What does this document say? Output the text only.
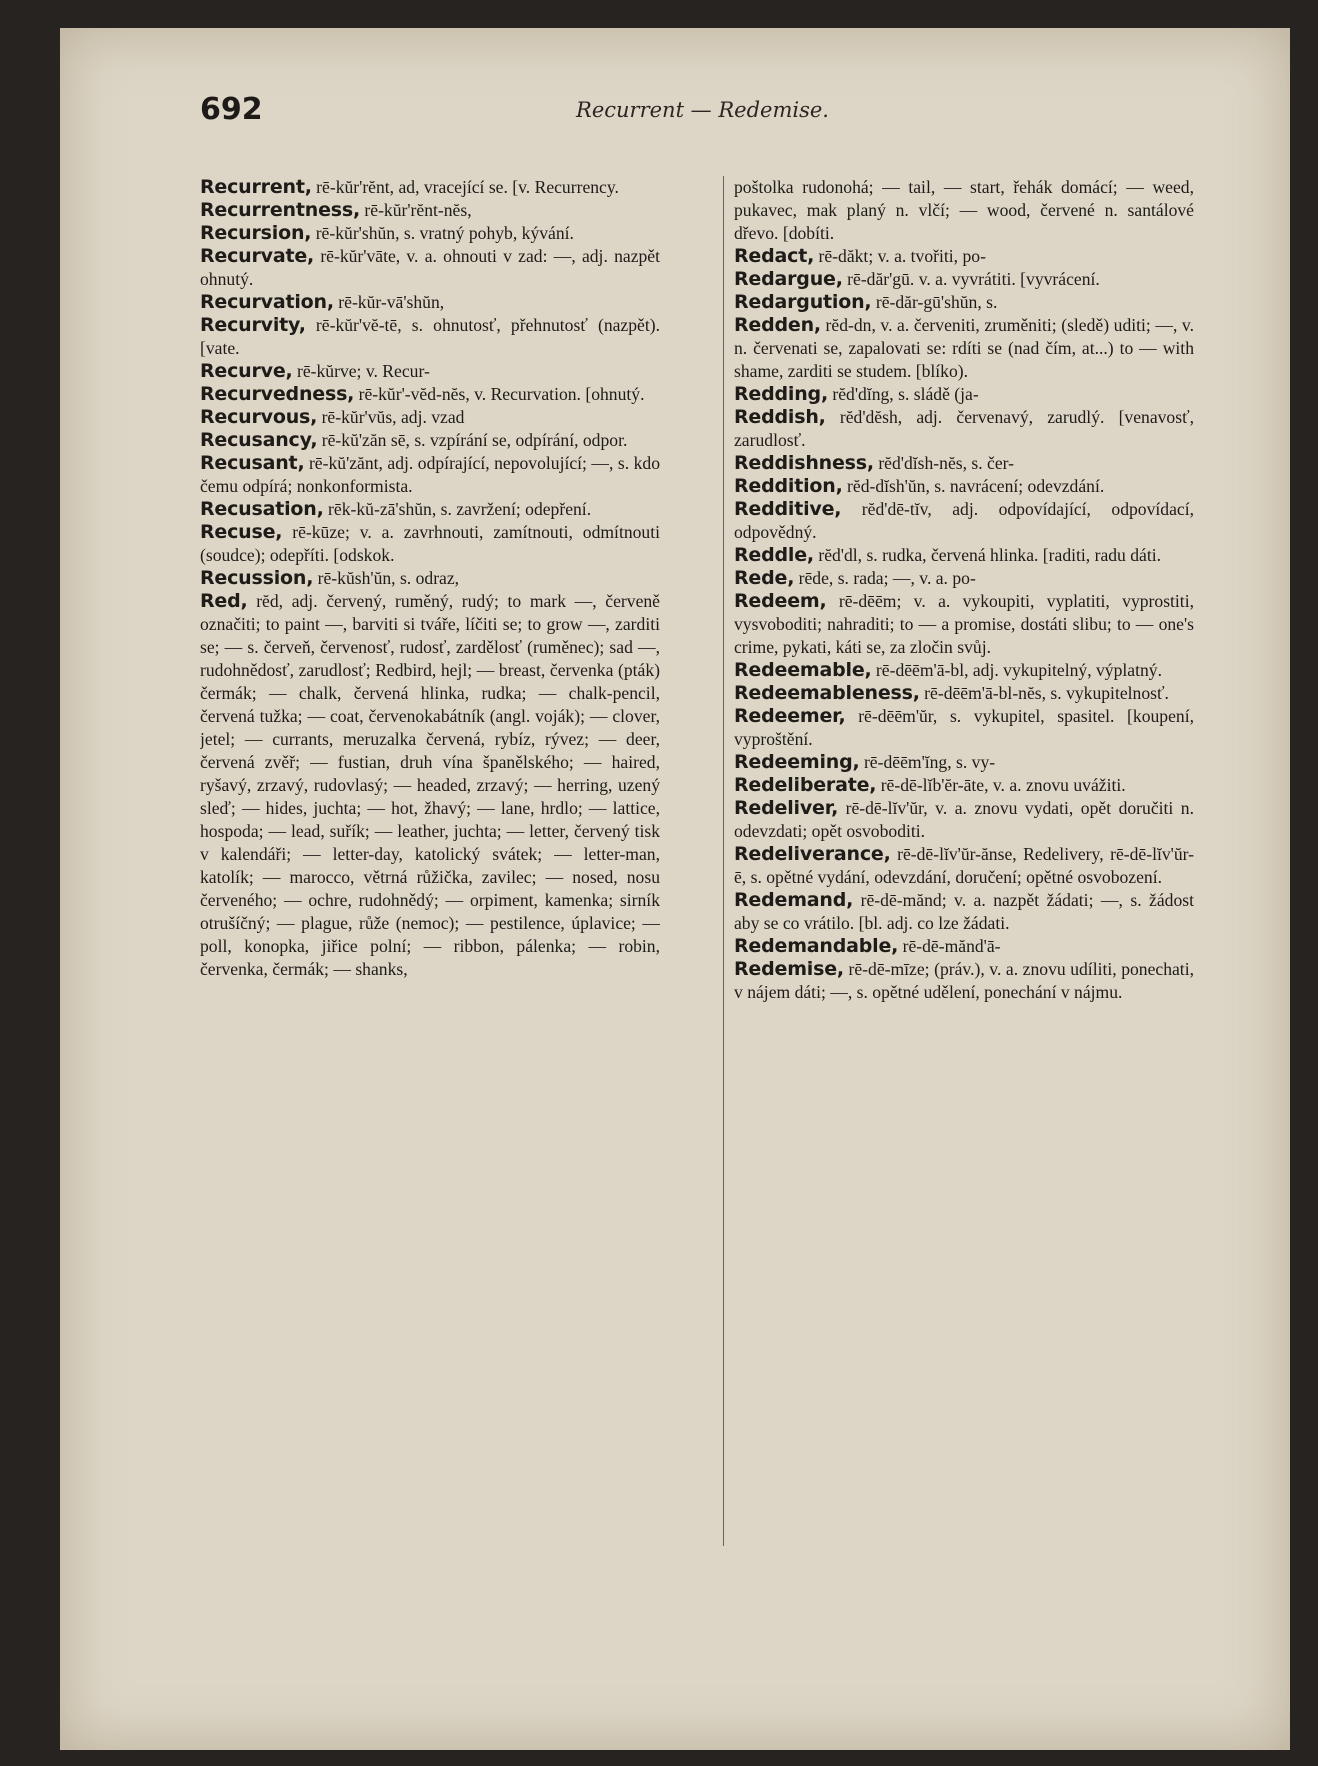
692	Recurrent — Redemise.

Recurrent, rē-kŭr'rĕnt, ad, vracející se. [v. Recurrency.

Recurrentness, rē-kŭr'rĕnt-nĕs,

Recursion, rē-kŭr'shŭn, s. vratný pohyb, kývání.

Recurvate, rē-kŭr'vāte, v. a. ohnouti v zad: —, adj. nazpět ohnutý.

Recurvation, rē-kŭr-vā'shŭn,

Recurvity, rē-kŭr'vĕ-tē, s. ohnutosť, přehnutosť (nazpět). [vate.

Recurve, rē-kŭrve; v. Recur-

Recurvedness, rē-kŭr'-vĕd-nĕs, v. Recurvation. [ohnutý.

Recurvous, rē-kŭr'vŭs, adj. vzad

Recusancy, rē-kŭ'zăn sē, s. vzpírání se, odpírání, odpor.

Recusant, rē-kŭ'zănt, adj. odpírající, nepovolující; —, s. kdo čemu odpírá; nonkonformista.

Recusation, rēk-kŭ-zā'shŭn, s. zavržení; odepření.

Recuse, rē-kūze; v. a. zavrhnouti, zamítnouti, odmítnouti (soudce); odepříti. [odskok.

Recussion, rē-kŭsh'ŭn, s. odraz,

Red, rĕd, adj. červený, ruměný, rudý; to mark —, červeně označiti; to paint —, barviti si tváře, líčiti se; to grow —, zarditi se; — s. červeň, červenosť, rudosť, zardělosť (ruměnec); sad —, rudohnědosť, zarudlosť; Redbird, hejl; — breast, červenka (pták) čermák; — chalk, červená hlinka, rudka; — chalk-pencil, červená tužka; — coat, červenokabátník (angl. voják); — clover, jetel; — currants, meruzalka červená, rybíz, rývez; — deer, červená zvěř; — fustian, druh vína španělského; — haired, ryšavý, zrzavý, rudovlasý; — headed, zrzavý; — herring, uzený sleď; — hides, juchta; — hot, žhavý; — lane, hrdlo; — lattice, hospoda; — lead, suřík; — leather, juchta; — letter, červený tisk v kalendáři; — letter-day, katolický svátek; — letter-man, katolík; — marocco, větrná růžička, zavilec; — nosed, nosu červeného; — ochre, rudohnědý; — orpiment, kamenka; sirník otrušíčný; — plague, růže (nemoc); — pestilence, úplavice; — poll, konopka, jiřice polní; — ribbon, pálenka; — robin, červenka, čermák; — shanks,

poštolka rudonohá; — tail, — start, řehák domácí; — weed, pukavec, mak planý n. vlčí; — wood, červené n. santálové dřevo. [dobíti.

Redact, rē-dăkt; v. a. tvořiti, po-

Redargue, rē-dăr'gū. v. a. vyvrátiti. [vyvrácení.

Redargution, rē-dăr-gū'shŭn, s.

Redden, rĕd-dn, v. a. červeniti, zruměniti; (sledě) uditi; —, v. n. červenati se, zapalovati se: rdíti se (nad čím, at...) to — with shame, zarditi se studem. [blíko).

Redding, rĕd'dĭng, s. sládě (ja-

Reddish, rĕd'dĕsh, adj. červenavý, zarudlý. [venavosť, zarudlosť.

Reddishness, rĕd'dĭsh-nĕs, s. čer-

Reddition, rĕd-dĭsh'ŭn, s. navrácení; odevzdání.

Redditive, rĕd'dē-tĭv, adj. odpovídající, odpovídací, odpovědný.

Reddle, rĕd'dl, s. rudka, červená hlinka. [raditi, radu dáti.

Rede, rēde, s. rada; —, v. a. po-

Redeem, rē-dēēm; v. a. vykoupiti, vyplatiti, vyprostiti, vysvoboditi; nahraditi; to — a promise, dostáti slibu; to — one's crime, pykati, káti se, za zločin svůj.

Redeemable, rē-dēēm'ā-bl, adj. vykupitelný, výplatný.

Redeemableness, rē-dēēm'ā-bl-nĕs, s. vykupitelnosť.

Redeemer, rē-dēēm'ŭr, s. vykupitel, spasitel. [koupení, vyproštění.

Redeeming, rē-dēēm'ĭng, s. vy-

Redeliberate, rē-dē-lĭb'ĕr-āte, v. a. znovu uvážiti.

Redeliver, rē-dē-lĭv'ŭr, v. a. znovu vydati, opět doručiti n. odevzdati; opět osvoboditi.

Redeliverance, rē-dē-lĭv'ŭr-ănse, Redelivery, rē-dē-lĭv'ŭr-ē, s. opětné vydání, odevzdání, doručení; opětné osvobození.

Redemand, rē-dē-mănd; v. a. nazpět žádati; —, s. žádost aby se co vrátilo. [bl. adj. co lze žádati.

Redemandable, rē-dē-mănd'ā-

Redemise, rē-dē-mīze; (práv.), v. a. znovu udíliti, ponechati, v nájem dáti; —, s. opětné udělení, ponechání v nájmu.
